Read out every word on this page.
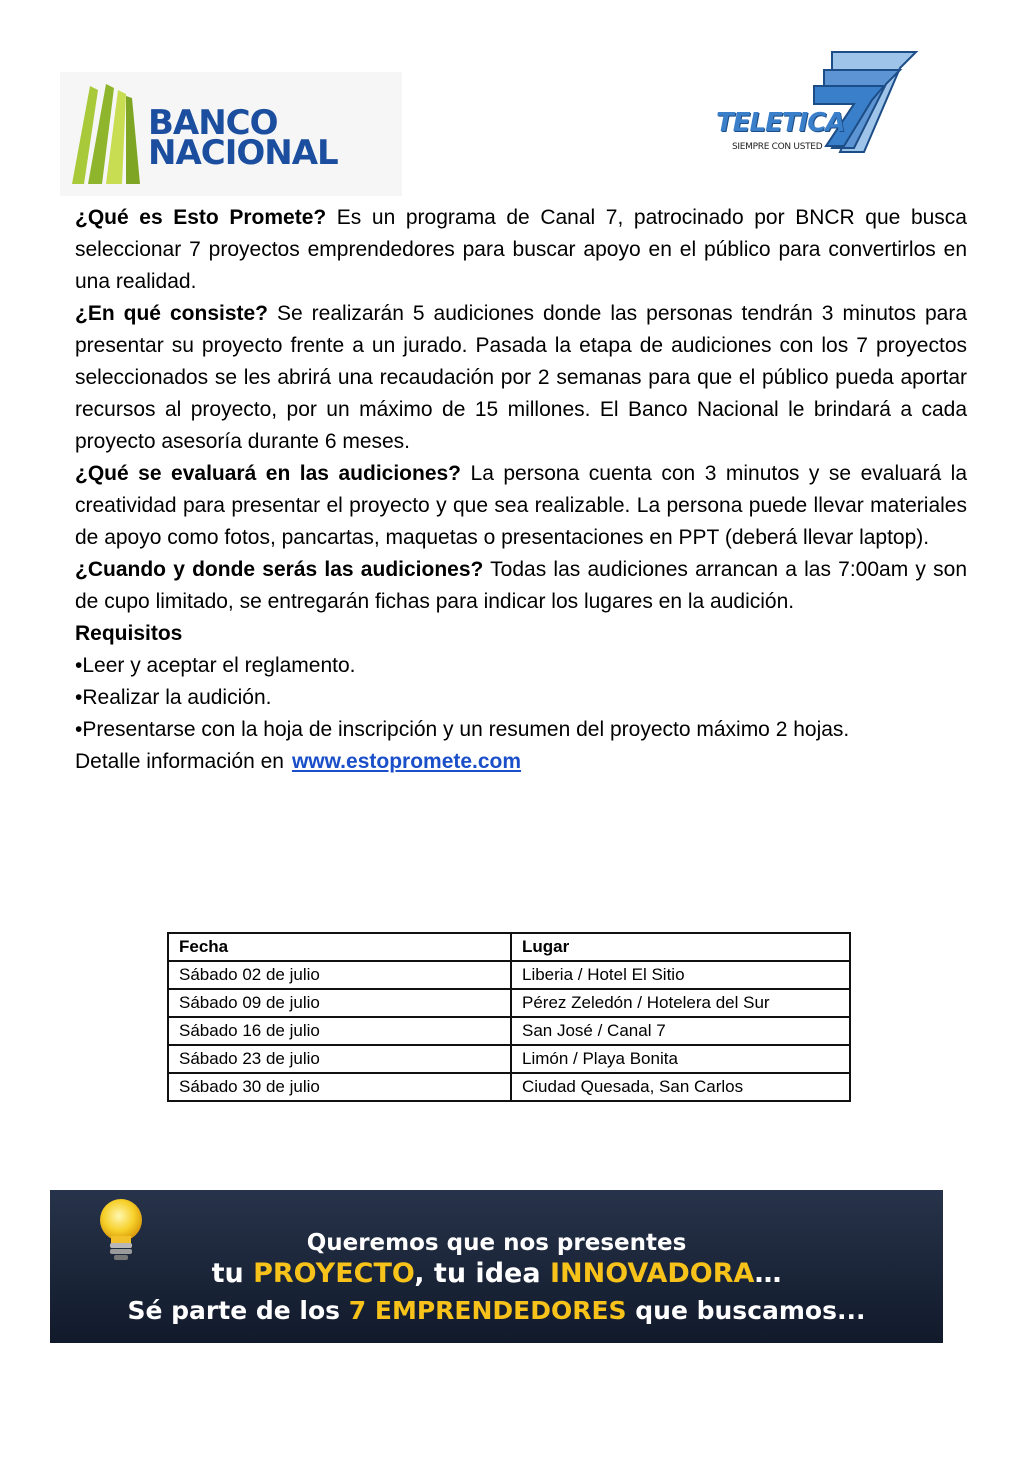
BANCO
NACIONAL
TELETICA
SIEMPRE CON USTED

¿Qué es Esto Promete? Es un programa de Canal 7, patrocinado por BNCR que busca seleccionar 7 proyectos emprendedores para buscar apoyo en el público para convertirlos en una realidad.

¿En qué consiste? Se realizarán 5 audiciones donde las personas tendrán 3 minutos para presentar su proyecto frente a un jurado. Pasada la etapa de audiciones con los 7 proyectos seleccionados se les abrirá una recaudación por 2 semanas para que el público pueda aportar recursos al proyecto, por un máximo de 15 millones. El Banco Nacional le brindará a cada proyecto asesoría durante 6 meses.

¿Qué se evaluará en las audiciones? La persona cuenta con 3 minutos y se evaluará la creatividad para presentar el proyecto y que sea realizable. La persona puede llevar materiales de apoyo como fotos, pancartas, maquetas o presentaciones en PPT (deberá llevar laptop).

¿Cuando y donde serás las audiciones? Todas las audiciones arrancan a las 7:00am y son de cupo limitado, se entregarán fichas para indicar los lugares en la audición.

Requisitos

•Leer y aceptar el reglamento.

•Realizar la audición.

•Presentarse con la hoja de inscripción y un resumen del proyecto máximo 2 hojas.

Detalle información en www.estopromete.com

Fecha	Lugar
Sábado 02 de julio	Liberia / Hotel El Sitio
Sábado 09 de julio	Pérez Zeledón / Hotelera del Sur
Sábado 16 de julio	San José / Canal 7
Sábado 23 de julio	Limón / Playa Bonita
Sábado 30 de julio	Ciudad Quesada, San Carlos
Queremos que nos presentes
tu PROYECTO, tu idea INNOVADORA…
Sé parte de los 7 EMPRENDEDORES que buscamos...
